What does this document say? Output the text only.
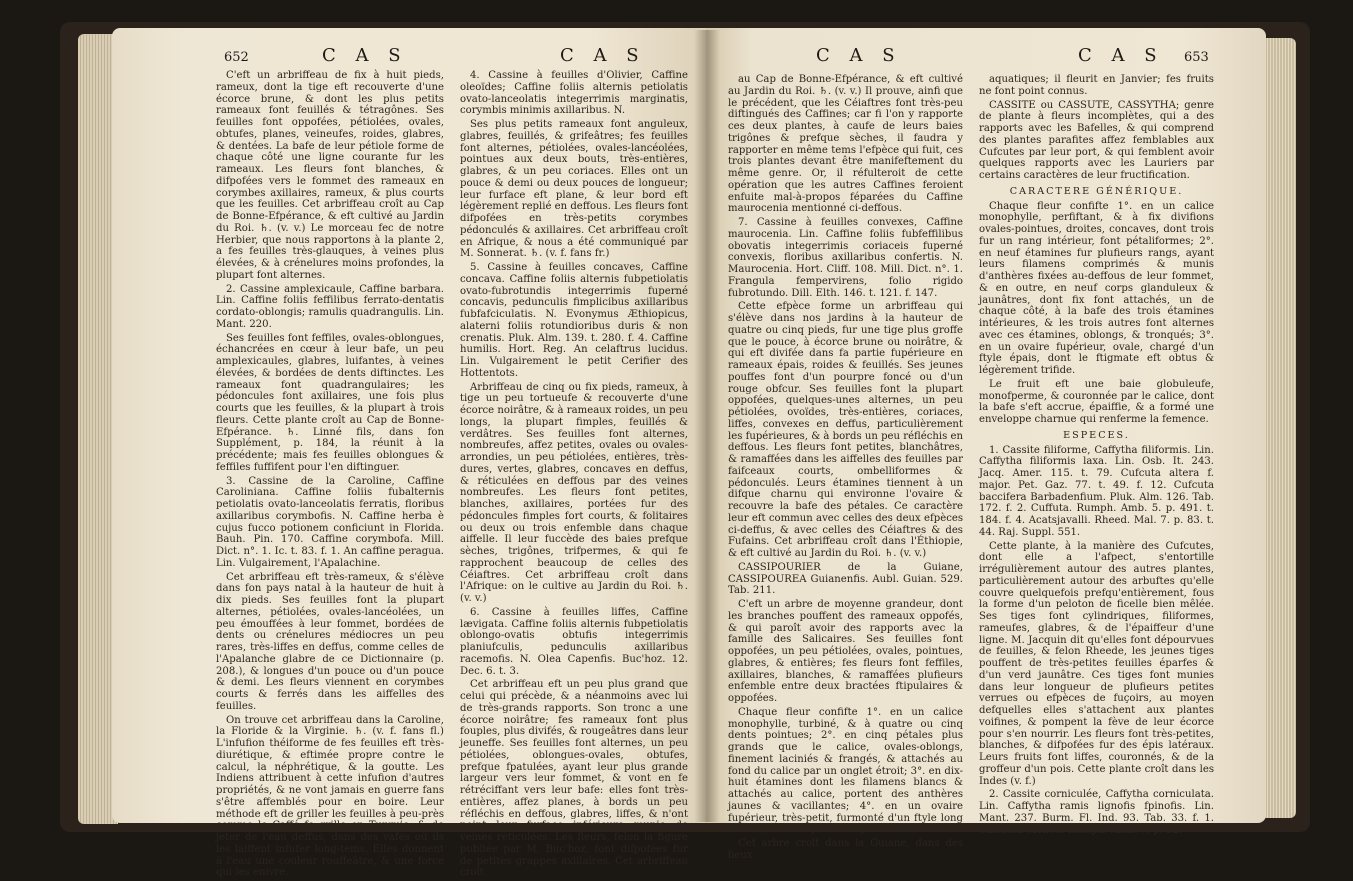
652	C A S	C A S

C'eft un arbriffeau de fix à huit pieds, rameux, dont la tige eft recouverte d'une écorce brune, & dont les plus petits rameaux font feuillés & tétragônes. Ses feuilles font oppofées, pétiolées, ovales, obtufes, planes, veineufes, roides, glabres, & dentées. La bafe de leur pétiole forme de chaque côté une ligne courante fur les rameaux. Les fleurs font blanches, & difpofées vers le fommet des rameaux en corymbes axillaires, rameux, & plus courts que les feuilles. Cet arbriffeau croît au Cap de Bonne-Efpérance, & eft cultivé au Jardin du Roi. ♄. (v. v.) Le morceau fec de notre Herbier, que nous rapportons à la plante 2, a fes feuilles très-glauques, à veines plus élevées, & à crénelures moins profondes, la plupart font alternes.

2. Cassine amplexicaule, Caffine barbara. Lin. Caffine foliis feffilibus ferrato-dentatis cordato-oblongis; ramulis quadrangulis. Lin. Mant. 220.

Ses feuilles font feffiles, ovales-oblongues, échancrées en cœur à leur bafe, un peu amplexicaules, glabres, luifantes, à veines élevées, & bordées de dents diftinctes. Les rameaux font quadrangulaires; les pédoncules font axillaires, une fois plus courts que les feuilles, & la plupart à trois fleurs. Cette plante croît au Cap de Bonne-Efpérance. ♄. Linné fils, dans fon Supplément, p. 184, la réunit à la précédente; mais fes feuilles oblongues & feffiles fuffifent pour l'en diftinguer.

3. Cassine de la Caroline, Caffine Caroliniana. Caffine foliis fubalternis petiolatis ovato-lanceolatis ferratis, floribus axillaribus corymbofis. N. Caffine herba è cujus fucco potionem conficiunt in Florida. Bauh. Pin. 170. Caffine corymbofa. Mill. Dict. n°. 1. Ic. t. 83. f. 1. An caffine peragua. Lin. Vulgairement, l'Apalachine.

Cet arbriffeau eft très-rameux, & s'élève dans fon pays natal à la hauteur de huit à dix pieds. Ses feuilles font la plupart alternes, pétiolées, ovales-lancéolées, un peu émouffées à leur fommet, bordées de dents ou crénelures médiocres un peu rares, très-liffes en deffus, comme celles de l'Apalanche glabre de ce Dictionnaire (p. 208.), & longues d'un pouce ou d'un pouce & demi. Les fleurs viennent en corymbes courts & ferrés dans les aiffelles des feuilles.

On trouve cet arbriffeau dans la Caroline, la Floride & la Virginie. ♄. (v. f. fans fl.) L'infufion théiforme de fes feuilles eft très-diurétique, & eftimée propre contre le calcul, la néphrétique, & la goutte. Les Indiens attribuent à cette infufion d'autres propriétés, & ne vont jamais en guerre fans s'être affemblés pour en boire. Leur méthode eft de griller les feuilles à peu-près comme le Caffé fe grille en Turquie, & de jeter de l'eau deffus, dans des vafes où ils les laiffent infufer long-tems. Elles donnent à l'eau une couleur rouffeâtre, & une force qui les enivre.

4. Cassine à feuilles d'Olivier, Caffine oleoïdes; Caffine foliis alternis petiolatis ovato-lanceolatis integerrimis marginatis, corymbis minimis axillaribus. N.

Ses plus petits rameaux font anguleux, glabres, feuillés, & grifeâtres; fes feuilles font alternes, pétiolées, ovales-lancéolées, pointues aux deux bouts, très-entières, glabres, & un peu coriaces. Elles ont un pouce & demi ou deux pouces de longueur; leur furface eft plane, & leur bord eft légèrement replié en deffous. Les fleurs font difpofées en très-petits corymbes pédonculés & axillaires. Cet arbriffeau croît en Afrique, & nous a été communiqué par M. Sonnerat. ♄. (v. f. fans fr.)

5. Cassine à feuilles concaves, Caffine concava. Caffine foliis alternis fubpetiolatis ovato-fubrotundis integerrimis fuperné concavis, pedunculis fimplicibus axillaribus fubfafciculatis. N. Evonymus Æthiopicus, alaterni foliis rotundioribus duris & non crenatis. Pluk. Alm. 139. t. 280. f. 4. Caffine humilis. Hort. Reg. An celaftrus lucidus. Lin. Vulgairement le petit Cerifier des Hottentots.

Arbriffeau de cinq ou fix pieds, rameux, à tige un peu tortueufe & recouverte d'une écorce noirâtre, & à rameaux roides, un peu longs, la plupart fimples, feuillés & verdâtres. Ses feuilles font alternes, nombreufes, affez petites, ovales ou ovales-arrondies, un peu pétiolées, entières, très-dures, vertes, glabres, concaves en deffus, & réticulées en deffous par des veines nombreufes. Les fleurs font petites, blanches, axillaires, portées fur des pédoncules fimples fort courts, & folitaires ou deux ou trois enfemble dans chaque aiffelle. Il leur fuccède des baies prefque sèches, trigônes, trifpermes, & qui fe rapprochent beaucoup de celles des Céiaftres. Cet arbriffeau croît dans l'Afrique: on le cultive au Jardin du Roi. ♄. (v. v.)

6. Cassine à feuilles liffes, Caffine lævigata. Caffine foliis alternis fubpetiolatis oblongo-ovatis obtufis integerrimis planiufculis, pedunculis axillaribus racemofis. N. Olea Capenfis. Buc'hoz. 12. Dec. 6. t. 3.

Cet arbriffeau eft un peu plus grand que celui qui précède, & a néanmoins avec lui de très-grands rapports. Son tronc a une écorce noirâtre; fes rameaux font plus fouples, plus divifés, & rougeâtres dans leur jeuneffe. Ses feuilles font alternes, un peu pétiolées, oblongues-ovales, obtufes, prefque fpatulées, ayant leur plus grande largeur vers leur fommet, & vont en fe rétréciffant vers leur bafe: elles font très-entières, affez planes, à bords un peu réfléchis en deffous, glabres, liffes, & n'ont point leur furface inférieure munie de veines réticulées. Les fleurs, felon la figure publiée par M. Buc'hoz, font difpofées fur de petites grappes axillaires. Cet arbriffeau croît

C A S	C A S 653

au Cap de Bonne-Efpérance, & eft cultivé au Jardin du Roi. ♄. (v. v.) Il prouve, ainfi que le précédent, que les Céiaftres font très-peu diftingués des Caffines; car fi l'on y rapporte ces deux plantes, à caufe de leurs baies trigônes & prefque sèches, il faudra y rapporter en même tems l'efpèce qui fuit, ces trois plantes devant être manifeftement du même genre. Or, il réfulteroit de cette opération que les autres Caffines feroient enfuite mal-à-propos féparées du Caffine maurocenia mentionné ci-deffous.

7. Cassine à feuilles convexes, Caffine maurocenia. Lin. Caffine foliis fubfeffilibus obovatis integerrimis coriaceis fuperné convexis, floribus axillaribus confertis. N. Maurocenia. Hort. Cliff. 108. Mill. Dict. n°. 1. Frangula fempervirens, folio rigido fubrotundo. Dill. Elth. 146. t. 121. f. 147.

Cette efpèce forme un arbriffeau qui s'élève dans nos jardins à la hauteur de quatre ou cinq pieds, fur une tige plus groffe que le pouce, à écorce brune ou noirâtre, & qui eft divifée dans fa partie fupérieure en rameaux épais, roides & feuillés. Ses jeunes pouffes font d'un pourpre foncé ou d'un rouge obfcur. Ses feuilles font la plupart oppofées, quelques-unes alternes, un peu pétiolées, ovoïdes, très-entières, coriaces, liffes, convexes en deffus, particulièrement les fupérieures, & à bords un peu réfléchis en deffous. Les fleurs font petites, blanchâtres, & ramaffées dans les aiffelles des feuilles par faifceaux courts, ombelliformes & pédonculés. Leurs étamines tiennent à un difque charnu qui environne l'ovaire & recouvre la bafe des pétales. Ce caractère leur eft commun avec celles des deux efpèces ci-deffus, & avec celles des Céiaftres & des Fufains. Cet arbriffeau croît dans l'Éthiopie, & eft cultivé au Jardin du Roi. ♄. (v. v.)

CASSIPOURIER de la Guiane, CASSIPOUREA Guianenfis. Aubl. Guian. 529. Tab. 211.

C'eft un arbre de moyenne grandeur, dont les branches pouffent des rameaux oppofés, & qui paroît avoir des rapports avec la famille des Salicaires. Ses feuilles font oppofées, un peu pétiolées, ovales, pointues, glabres, & entières; fes fleurs font feffiles, axillaires, blanches, & ramaffées plufieurs enfemble entre deux bractées ftipulaires & oppofées.

Chaque fleur confifte 1°. en un calice monophylle, turbiné, & à quatre ou cinq dents pointues; 2°. en cinq pétales plus grands que le calice, ovales-oblongs, finement laciniés & frangés, & attachés au fond du calice par un onglet étroit; 3°. en dix-huit étamines dont les filamens blancs & attachés au calice, portent des anthères jaunes & vacillantes; 4°. en un ovaire fupérieur, très-petit, furmonté d'un ftyle long & velu, terminé par un ftigmate obtus.

Cet arbre croît dans la Guiane, dans des lieux

aquatiques; il fleurit en Janvier; fes fruits ne font point connus.

CASSITE ou CASSUTE, CASSYTHA; genre de plante à fleurs incomplètes, qui a des rapports avec les Bafelles, & qui comprend des plantes parafites affez femblables aux Cufcutes par leur port, & qui femblent avoir quelques rapports avec les Lauriers par certains caractères de leur fructification.

CARACTERE GÉNÉRIQUE.

Chaque fleur confifte 1°. en un calice monophylle, perfiftant, & à fix divifions ovales-pointues, droites, concaves, dont trois fur un rang intérieur, font pétaliformes; 2°. en neuf étamines fur plufieurs rangs, ayant leurs filamens comprimés & munis d'anthères fixées au-deffous de leur fommet, & en outre, en neuf corps glanduleux & jaunâtres, dont fix font attachés, un de chaque côté, à la bafe des trois étamines intérieures, & les trois autres font alternes avec ces étamines, oblongs, & tronqués; 3°. en un ovaire fupérieur, ovale, chargé d'un ftyle épais, dont le ftigmate eft obtus & légèrement trifide.

Le fruit eft une baie globuleufe, monofperme, & couronnée par le calice, dont la bafe s'eft accrue, épaiffie, & a formé une enveloppe charnue qui renferme la femence.

ESPECES.

1. Cassite filiforme, Caffytha filiformis. Lin. Caffytha filiformis laxa. Lin. Osb. It. 243. Jacq. Amer. 115. t. 79. Cufcuta altera f. major. Pet. Gaz. 77. t. 49. f. 12. Cufcuta baccifera Barbadenfium. Pluk. Alm. 126. Tab. 172. f. 2. Cuffuta. Rumph. Amb. 5. p. 491. t. 184. f. 4. Acatsjavalli. Rheed. Mal. 7. p. 83. t. 44. Raj. Suppl. 551.

Cette plante, à la manière des Cufcutes, dont elle a l'afpect, s'entortille irrégulièrement autour des autres plantes, particulièrement autour des arbuftes qu'elle couvre quelquefois prefqu'entièrement, fous la forme d'un peloton de ficelle bien mêlée. Ses tiges font cylindriques, filiformes, rameufes, glabres, & de l'épaiffeur d'une ligne. M. Jacquin dit qu'elles font dépourvues de feuilles, & felon Rheede, les jeunes tiges pouffent de très-petites feuilles éparfes & d'un verd jaunâtre. Ces tiges font munies dans leur longueur de plufieurs petites verrues ou efpèces de fuçoirs, au moyen defquelles elles s'attachent aux plantes voifines, & pompent la fève de leur écorce pour s'en nourrir. Les fleurs font très-petites, blanches, & difpofées fur des épis latéraux. Leurs fruits font liffes, couronnés, & de la groffeur d'un pois. Cette plante croît dans les Indes (v. f.)

2. Cassite corniculée, Caffytha corniculata. Lin. Caffytha ramis lignofis fpinofis. Lin. Mant. 237. Burm. Fl. Ind. 93. Tab. 33. f. 1. Caffutha cornea. Rumph. Amb. 7. p. 52.
